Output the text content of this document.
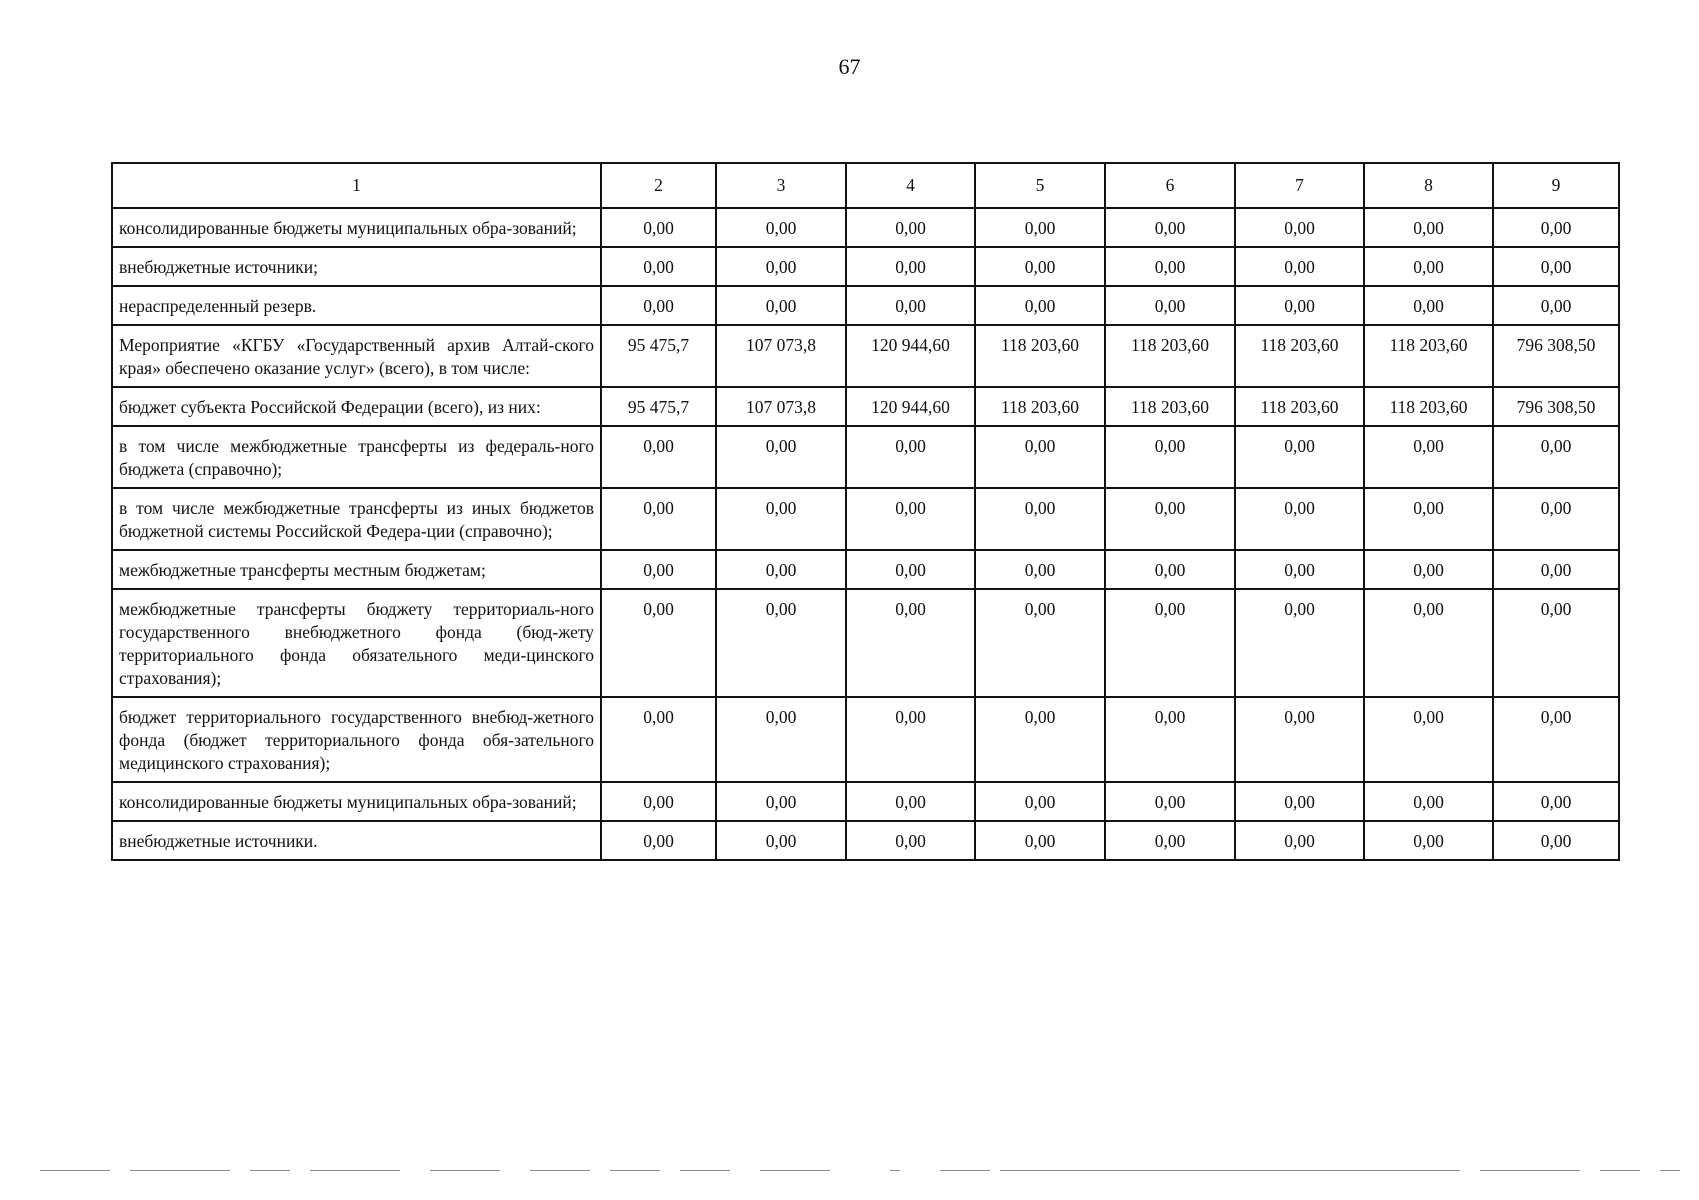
67
1	2	3	4	5	6	7	8	9
консолидированные бюджеты муниципальных обра-зований;	0,00	0,00	0,00	0,00	0,00	0,00	0,00	0,00
внебюджетные источники;	0,00	0,00	0,00	0,00	0,00	0,00	0,00	0,00
нераспределенный резерв.	0,00	0,00	0,00	0,00	0,00	0,00	0,00	0,00
Мероприятие «КГБУ «Государственный архив Алтай-ского края» обеспечено оказание услуг» (всего), в том числе:	95 475,7	107 073,8	120 944,60	118 203,60	118 203,60	118 203,60	118 203,60	796 308,50
бюджет субъекта Российской Федерации (всего), из них:	95 475,7	107 073,8	120 944,60	118 203,60	118 203,60	118 203,60	118 203,60	796 308,50
в том числе межбюджетные трансферты из федераль-ного бюджета (справочно);	0,00	0,00	0,00	0,00	0,00	0,00	0,00	0,00
в том числе межбюджетные трансферты из иных бюджетов бюджетной системы Российской Федера-ции (справочно);	0,00	0,00	0,00	0,00	0,00	0,00	0,00	0,00
межбюджетные трансферты местным бюджетам;	0,00	0,00	0,00	0,00	0,00	0,00	0,00	0,00
межбюджетные трансферты бюджету территориаль-ного государственного внебюджетного фонда (бюд-жету территориального фонда обязательного меди-цинского страхования);	0,00	0,00	0,00	0,00	0,00	0,00	0,00	0,00
бюджет территориального государственного внебюд-жетного фонда (бюджет территориального фонда обя-зательного медицинского страхования);	0,00	0,00	0,00	0,00	0,00	0,00	0,00	0,00
консолидированные бюджеты муниципальных обра-зований;	0,00	0,00	0,00	0,00	0,00	0,00	0,00	0,00
внебюджетные источники.	0,00	0,00	0,00	0,00	0,00	0,00	0,00	0,00
